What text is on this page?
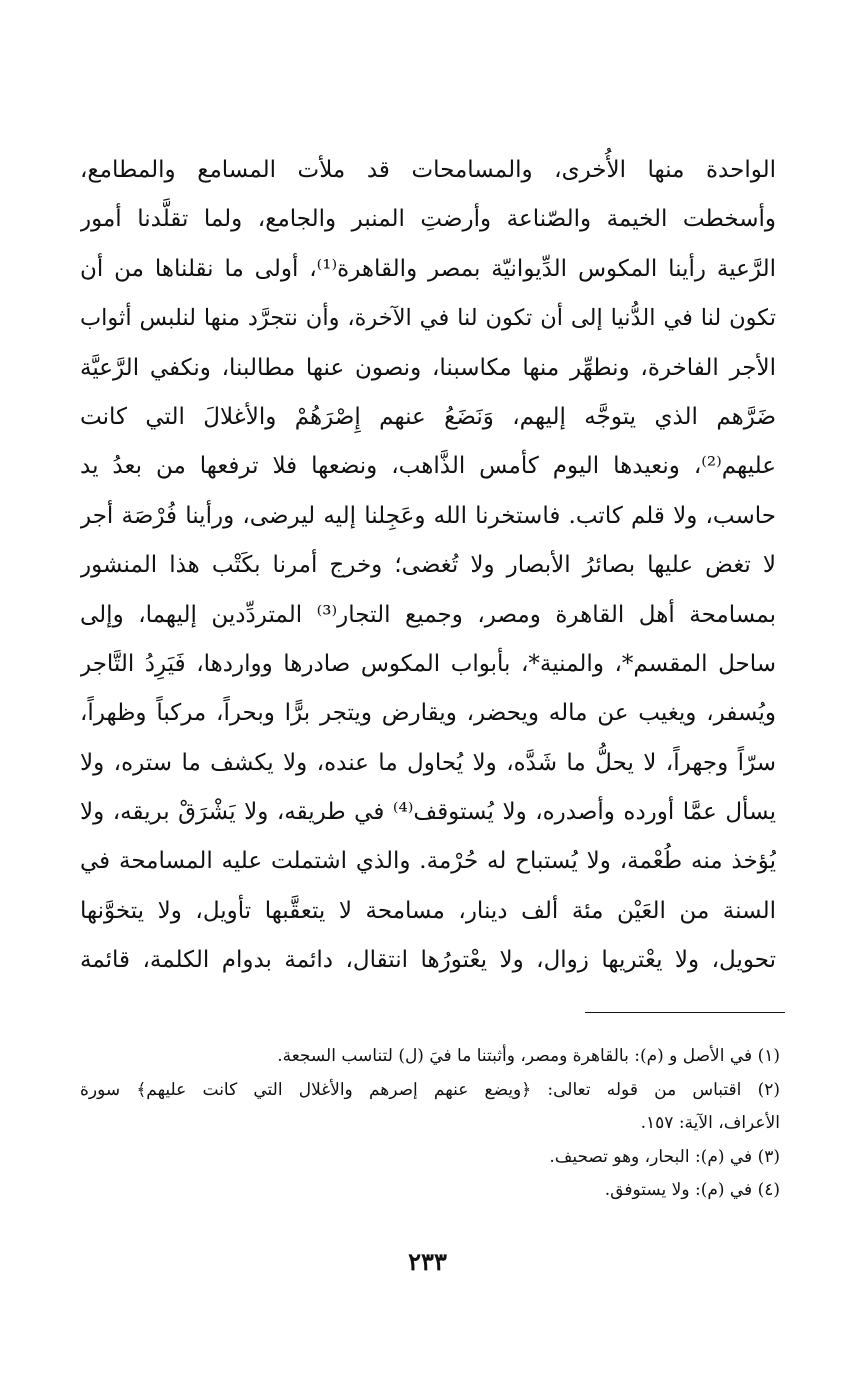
الواحدة منها الأُخرى، والمسامحات قد ملأت المسامع والمطامع،
وأسخطت الخيمة والصّناعة وأرضتِ المنبر والجامع، ولما تقلَّدنا أمور
الرَّعية رأينا المكوس الدِّيوانيّة بمصر والقاهرة⁽¹⁾، أولى ما نقلناها من أن
تكون لنا في الدُّنيا إلى أن تكون لنا في الآخرة، وأن نتجرَّد منها لنلبس أثواب
الأجر الفاخرة، ونطهِّر منها مكاسبنا، ونصون عنها مطالبنا، ونكفي الرَّعيَّة
ضَرَّهم الذي يتوجَّه إليهم، وَنَضَعُ عنهم إِصْرَهُمْ والأغلالَ التي كانت
عليهم⁽²⁾، ونعيدها اليوم كأمس الذَّاهب، ونضعها فلا ترفعها من بعدُ يد
حاسب، ولا قلم كاتب. فاستخرنا الله وعَجِلنا إليه ليرضى، ورأينا فُرْصَة أجر
لا تغض عليها بصائرُ الأبصار ولا تُغضى؛ وخرج أمرنا بكَتْب هذا المنشور
بمسامحة أهل القاهرة ومصر، وجميع التجار⁽³⁾ المتردِّدين إليهما، وإلى
ساحل المقسم*، والمنية*، بأبواب المكوس صادرها وواردها، فَيَرِدُ التَّاجر
ويُسفر، ويغيب عن ماله ويحضر، ويقارض ويتجر برًّا وبحراً، مركباً وظهراً،
سرّاً وجهراً، لا يحلُّ ما شَدَّه، ولا يُحاول ما عنده، ولا يكشف ما ستره، ولا
يسأل عمَّا أورده وأصدره، ولا يُستوقف⁽⁴⁾ في طريقه، ولا يَشْرَقْ بريقه، ولا
يُؤخذ منه طُعْمة، ولا يُستباح له حُرْمة. والذي اشتملت عليه المسامحة في
السنة من العَيْن مئة ألف دينار، مسامحة لا يتعقَّبها تأويل، ولا يتخوَّنها
تحويل، ولا يعْتريها زوال، ولا يعْتورُها انتقال، دائمة بدوام الكلمة، قائمة
(١) في الأصل و (م): بالقاهرة ومصر، وأثبتنا ما فيَ (ل) لتناسب السجعة.
(٢) اقتباس من قوله تعالى: ﴿ويضع عنهم إصرهم والأغلال التي كانت عليهم﴾ سورة
الأعراف، الآية: ١٥٧.
(٣) في (م): البحار، وهو تصحيف.
(٤) في (م): ولا يستوفق.
٢٣٣
